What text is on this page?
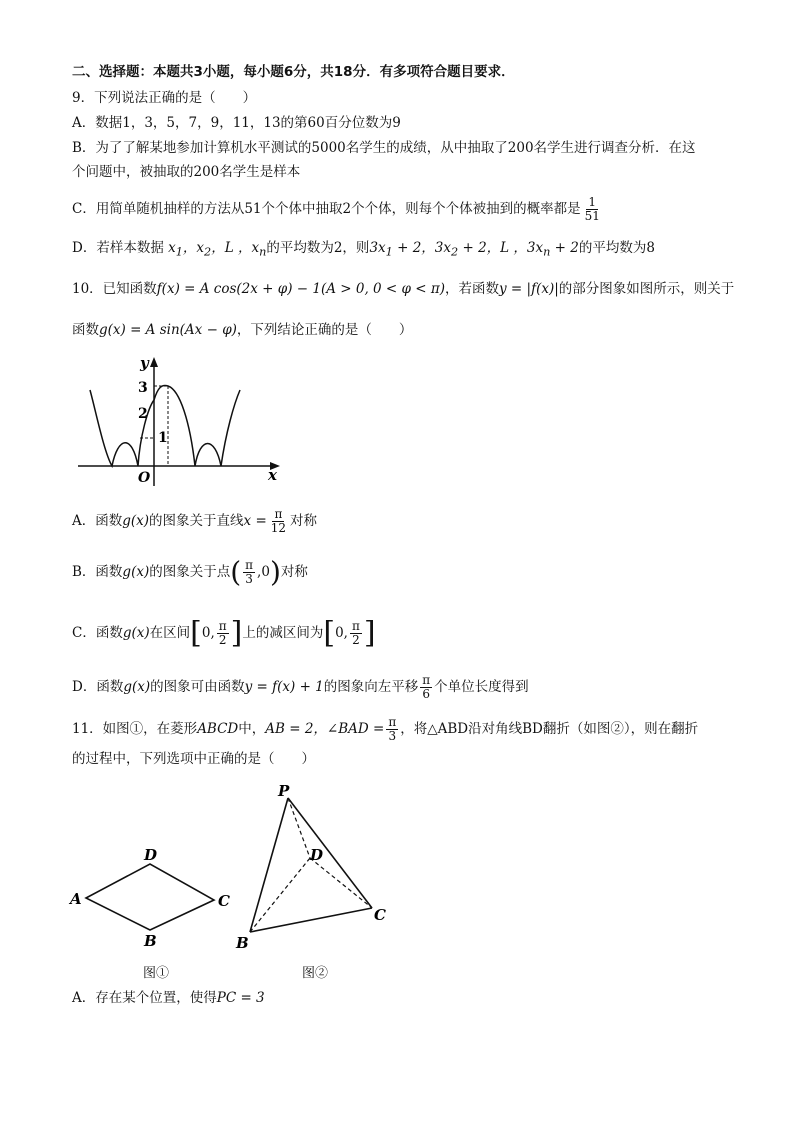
二、选择题：本题共3小题，每小题6分，共18分．有多项符合题目要求．
9．下列说法正确的是（　　）
A．数据1，3，5，7，9，11，13的第60百分位数为9
B．为了了解某地参加计算机水平测试的5000名学生的成绩，从中抽取了200名学生进行调查分析．在这
个问题中，被抽取的200名学生是样本
C．用简单随机抽样的方法从51个个体中抽取2个个体，则每个个体被抽到的概率都是 $\frac{1}{51}$
D．若样本数据 $x_1$，$x_2$，L ，$x_n$的平均数为2，则$3x_1 + 2$，$3x_2 + 2$，L ，$3x_n + 2$的平均数为8
10．已知函数f(x) = A cos(2x + φ) − 1(A > 0, 0 < φ < π)，若函数y = |f(x)|的部分图象如图所示，则关于
函数g(x) = A sin(Ax − φ)，下列结论正确的是（　　）
y
x
O
3
2
1
A．函数g(x)的图象关于直线$x = \frac{\pi}{12}$ 对称
B．函数g(x)的图象关于点( $\frac{\pi}{3} ,0$)对称
C．函数g(x)在区间[0, $\frac{\pi}{2}$ ]上的减区间为[0, $\frac{\pi}{2}$ ]
D．函数g(x)的图象可由函数y = f(x) + 1的图象向左平移 $\frac{\pi}{6}$ 个单位长度得到
11．如图①，在菱形ABCD中，AB = 2，∠BAD = $\frac{\pi}{3}$ ，将△ABD沿对角线BD翻折（如图②），则在翻折
的过程中，下列选项中正确的是（　　）
A
D
C
B
图①
P
D
C
B
图②
A．存在某个位置，使得PC = 3
